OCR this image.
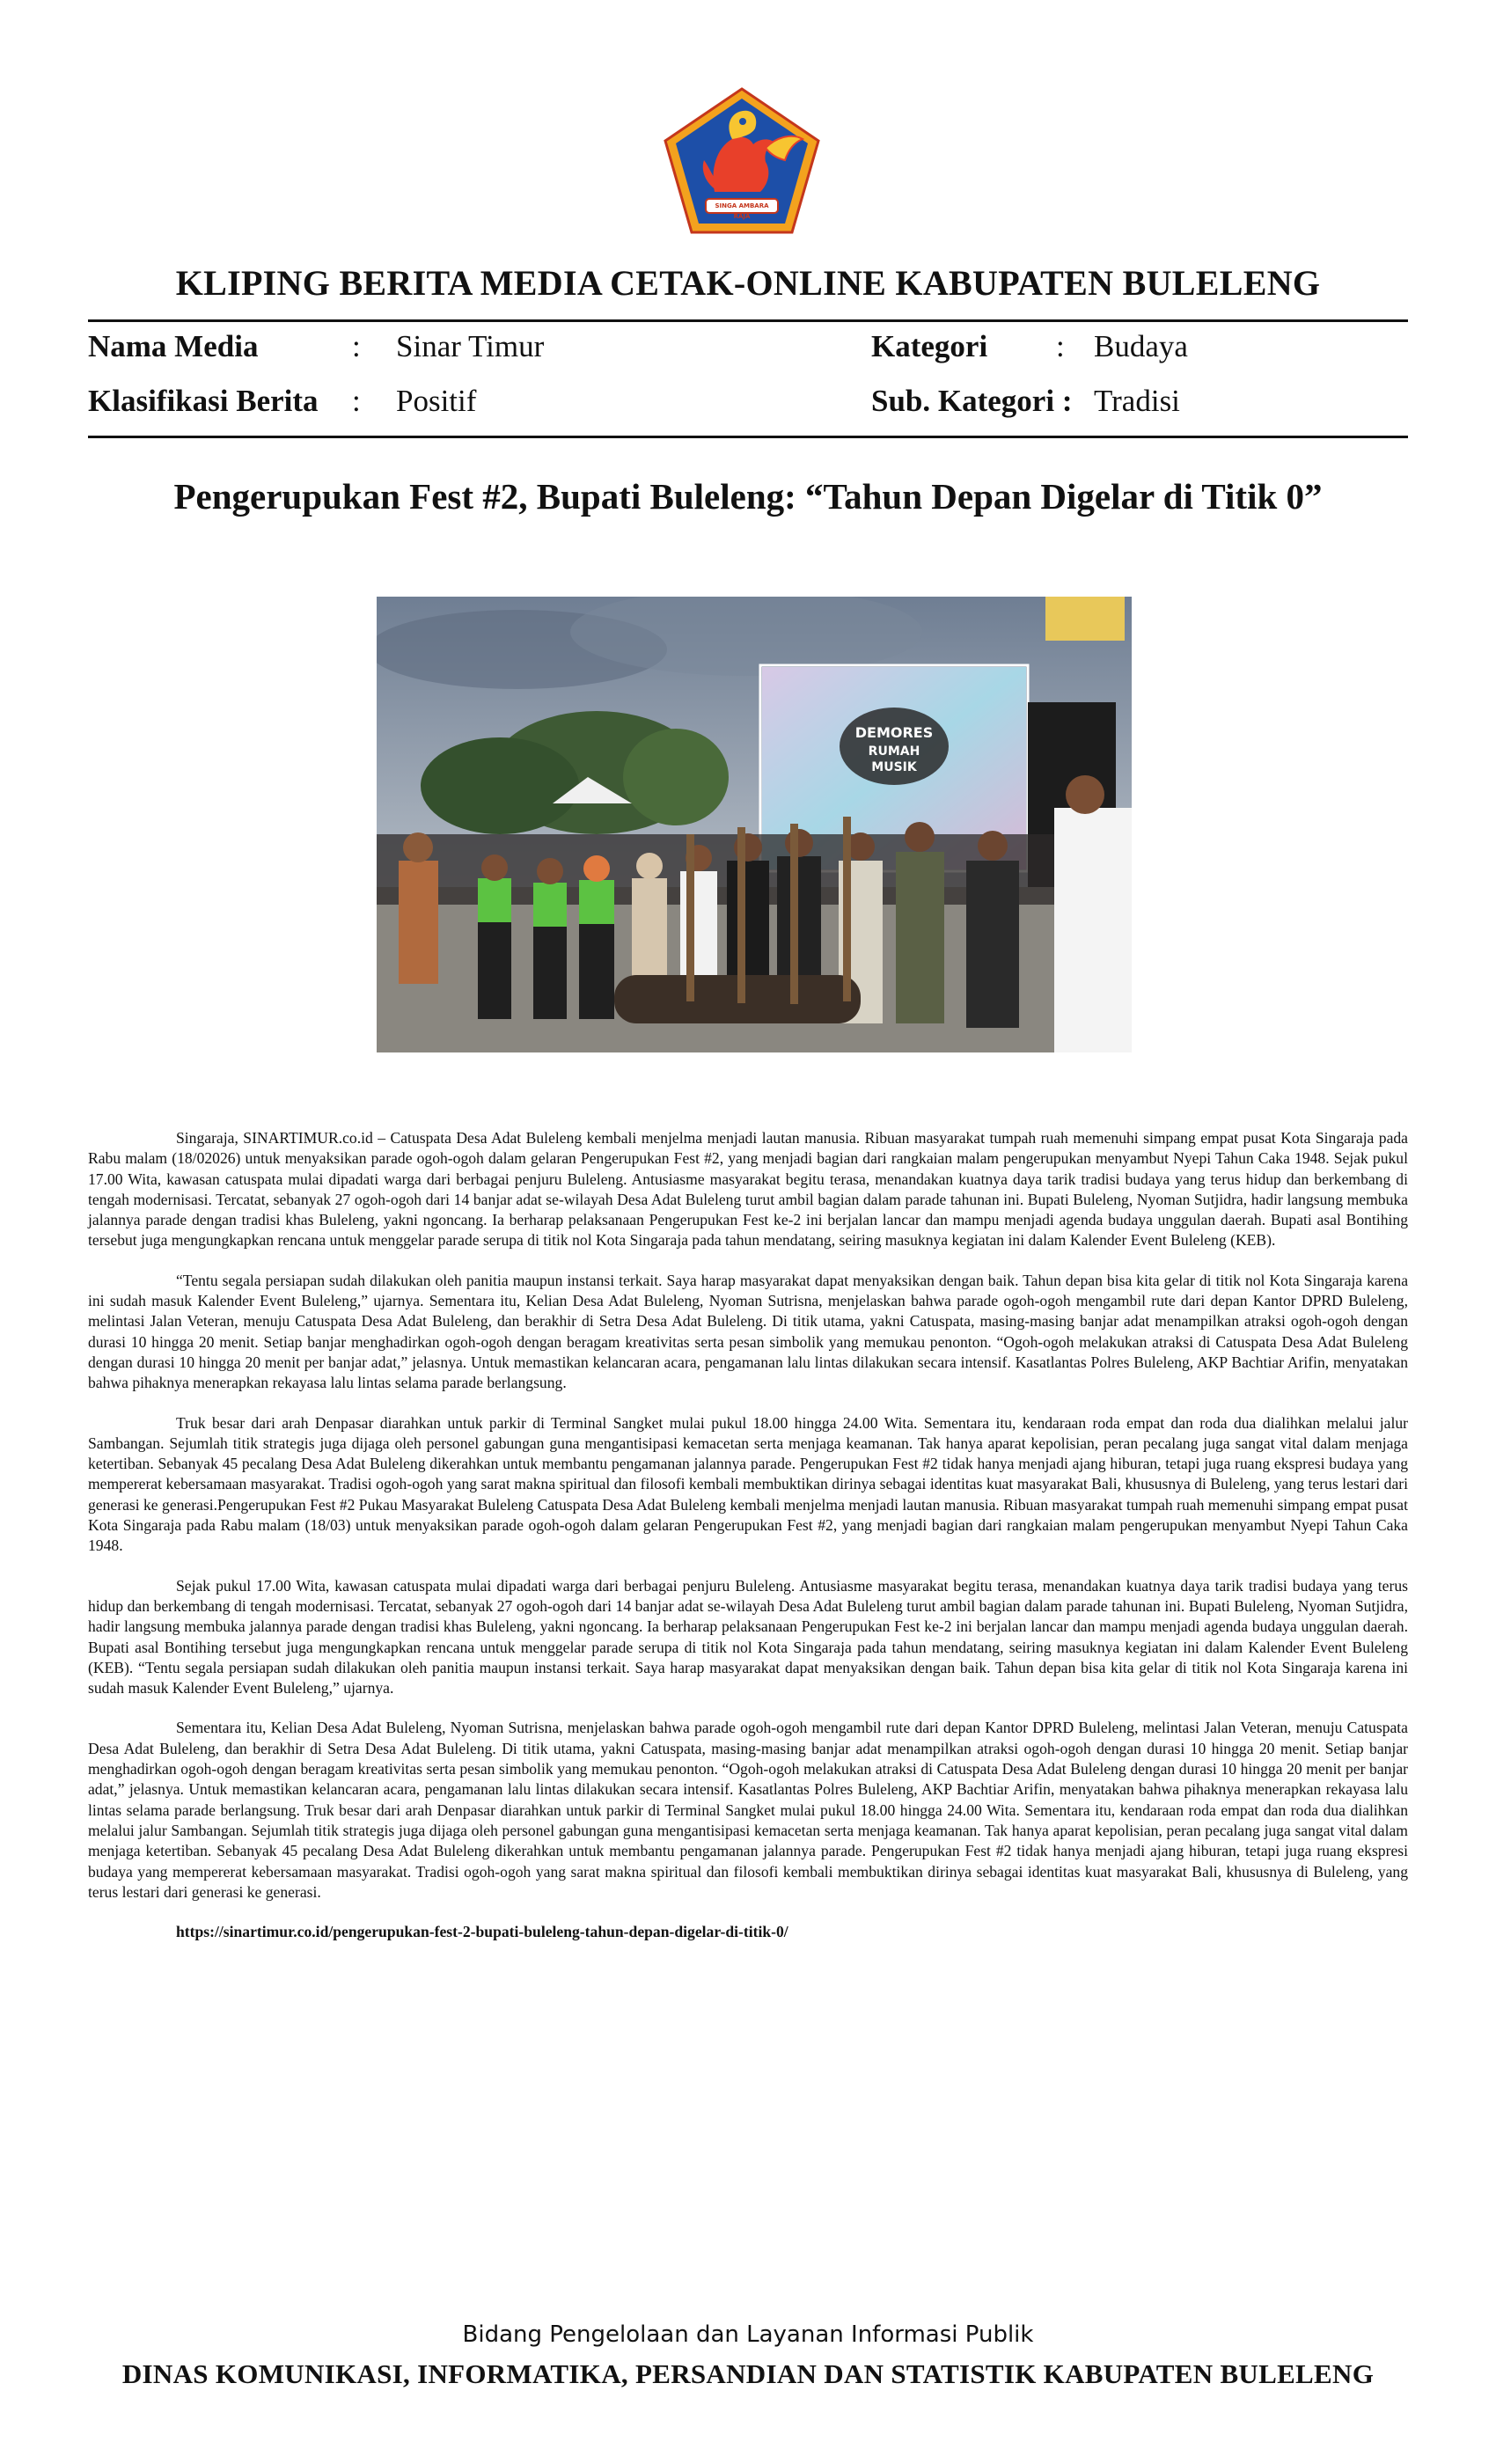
SINGA AMBARA RAJA
KLIPING BERITA MEDIA CETAK-ONLINE KABUPATEN BULELENG
Nama Media	: Sinar Timur	Kategori : Budaya
Klasifikasi Berita : Positif	Sub. Kategori : Tradisi
Pengerupukan Fest #2, Bupati Buleleng: “Tahun Depan Digelar di Titik 0”
DEMORES
RUMAH
MUSIK

Singaraja, SINARTIMUR.co.id – Catuspata Desa Adat Buleleng kembali menjelma menjadi lautan manusia. Ribuan masyarakat tumpah ruah memenuhi simpang empat pusat Kota Singaraja pada Rabu malam (18/02026) untuk menyaksikan parade ogoh-ogoh dalam gelaran Pengerupukan Fest #2, yang menjadi bagian dari rangkaian malam pengerupukan menyambut Nyepi Tahun Caka 1948. Sejak pukul 17.00 Wita, kawasan catuspata mulai dipadati warga dari berbagai penjuru Buleleng. Antusiasme masyarakat begitu terasa, menandakan kuatnya daya tarik tradisi budaya yang terus hidup dan berkembang di tengah modernisasi. Tercatat, sebanyak 27 ogoh-ogoh dari 14 banjar adat se-wilayah Desa Adat Buleleng turut ambil bagian dalam parade tahunan ini. Bupati Buleleng, Nyoman Sutjidra, hadir langsung membuka jalannya parade dengan tradisi khas Buleleng, yakni ngoncang. Ia berharap pelaksanaan Pengerupukan Fest ke-2 ini berjalan lancar dan mampu menjadi agenda budaya unggulan daerah. Bupati asal Bontihing tersebut juga mengungkapkan rencana untuk menggelar parade serupa di titik nol Kota Singaraja pada tahun mendatang, seiring masuknya kegiatan ini dalam Kalender Event Buleleng (KEB).

“Tentu segala persiapan sudah dilakukan oleh panitia maupun instansi terkait. Saya harap masyarakat dapat menyaksikan dengan baik. Tahun depan bisa kita gelar di titik nol Kota Singaraja karena ini sudah masuk Kalender Event Buleleng,” ujarnya. Sementara itu, Kelian Desa Adat Buleleng, Nyoman Sutrisna, menjelaskan bahwa parade ogoh-ogoh mengambil rute dari depan Kantor DPRD Buleleng, melintasi Jalan Veteran, menuju Catuspata Desa Adat Buleleng, dan berakhir di Setra Desa Adat Buleleng. Di titik utama, yakni Catuspata, masing-masing banjar adat menampilkan atraksi ogoh-ogoh dengan durasi 10 hingga 20 menit. Setiap banjar menghadirkan ogoh-ogoh dengan beragam kreativitas serta pesan simbolik yang memukau penonton. “Ogoh-ogoh melakukan atraksi di Catuspata Desa Adat Buleleng dengan durasi 10 hingga 20 menit per banjar adat,” jelasnya. Untuk memastikan kelancaran acara, pengamanan lalu lintas dilakukan secara intensif. Kasatlantas Polres Buleleng, AKP Bachtiar Arifin, menyatakan bahwa pihaknya menerapkan rekayasa lalu lintas selama parade berlangsung.

Truk besar dari arah Denpasar diarahkan untuk parkir di Terminal Sangket mulai pukul 18.00 hingga 24.00 Wita. Sementara itu, kendaraan roda empat dan roda dua dialihkan melalui jalur Sambangan. Sejumlah titik strategis juga dijaga oleh personel gabungan guna mengantisipasi kemacetan serta menjaga keamanan. Tak hanya aparat kepolisian, peran pecalang juga sangat vital dalam menjaga ketertiban. Sebanyak 45 pecalang Desa Adat Buleleng dikerahkan untuk membantu pengamanan jalannya parade. Pengerupukan Fest #2 tidak hanya menjadi ajang hiburan, tetapi juga ruang ekspresi budaya yang mempererat kebersamaan masyarakat. Tradisi ogoh-ogoh yang sarat makna spiritual dan filosofi kembali membuktikan dirinya sebagai identitas kuat masyarakat Bali, khususnya di Buleleng, yang terus lestari dari generasi ke generasi.Pengerupukan Fest #2 Pukau Masyarakat Buleleng Catuspata Desa Adat Buleleng kembali menjelma menjadi lautan manusia. Ribuan masyarakat tumpah ruah memenuhi simpang empat pusat Kota Singaraja pada Rabu malam (18/03) untuk menyaksikan parade ogoh-ogoh dalam gelaran Pengerupukan Fest #2, yang menjadi bagian dari rangkaian malam pengerupukan menyambut Nyepi Tahun Caka 1948.

Sejak pukul 17.00 Wita, kawasan catuspata mulai dipadati warga dari berbagai penjuru Buleleng. Antusiasme masyarakat begitu terasa, menandakan kuatnya daya tarik tradisi budaya yang terus hidup dan berkembang di tengah modernisasi. Tercatat, sebanyak 27 ogoh-ogoh dari 14 banjar adat se-wilayah Desa Adat Buleleng turut ambil bagian dalam parade tahunan ini. Bupati Buleleng, Nyoman Sutjidra, hadir langsung membuka jalannya parade dengan tradisi khas Buleleng, yakni ngoncang. Ia berharap pelaksanaan Pengerupukan Fest ke-2 ini berjalan lancar dan mampu menjadi agenda budaya unggulan daerah. Bupati asal Bontihing tersebut juga mengungkapkan rencana untuk menggelar parade serupa di titik nol Kota Singaraja pada tahun mendatang, seiring masuknya kegiatan ini dalam Kalender Event Buleleng (KEB). “Tentu segala persiapan sudah dilakukan oleh panitia maupun instansi terkait. Saya harap masyarakat dapat menyaksikan dengan baik. Tahun depan bisa kita gelar di titik nol Kota Singaraja karena ini sudah masuk Kalender Event Buleleng,” ujarnya.

Sementara itu, Kelian Desa Adat Buleleng, Nyoman Sutrisna, menjelaskan bahwa parade ogoh-ogoh mengambil rute dari depan Kantor DPRD Buleleng, melintasi Jalan Veteran, menuju Catuspata Desa Adat Buleleng, dan berakhir di Setra Desa Adat Buleleng. Di titik utama, yakni Catuspata, masing-masing banjar adat menampilkan atraksi ogoh-ogoh dengan durasi 10 hingga 20 menit. Setiap banjar menghadirkan ogoh-ogoh dengan beragam kreativitas serta pesan simbolik yang memukau penonton. “Ogoh-ogoh melakukan atraksi di Catuspata Desa Adat Buleleng dengan durasi 10 hingga 20 menit per banjar adat,” jelasnya. Untuk memastikan kelancaran acara, pengamanan lalu lintas dilakukan secara intensif. Kasatlantas Polres Buleleng, AKP Bachtiar Arifin, menyatakan bahwa pihaknya menerapkan rekayasa lalu lintas selama parade berlangsung. Truk besar dari arah Denpasar diarahkan untuk parkir di Terminal Sangket mulai pukul 18.00 hingga 24.00 Wita. Sementara itu, kendaraan roda empat dan roda dua dialihkan melalui jalur Sambangan. Sejumlah titik strategis juga dijaga oleh personel gabungan guna mengantisipasi kemacetan serta menjaga keamanan. Tak hanya aparat kepolisian, peran pecalang juga sangat vital dalam menjaga ketertiban. Sebanyak 45 pecalang Desa Adat Buleleng dikerahkan untuk membantu pengamanan jalannya parade. Pengerupukan Fest #2 tidak hanya menjadi ajang hiburan, tetapi juga ruang ekspresi budaya yang mempererat kebersamaan masyarakat. Tradisi ogoh-ogoh yang sarat makna spiritual dan filosofi kembali membuktikan dirinya sebagai identitas kuat masyarakat Bali, khususnya di Buleleng, yang terus lestari dari generasi ke generasi.

https://sinartimur.co.id/pengerupukan-fest-2-bupati-buleleng-tahun-depan-digelar-di-titik-0/

Bidang Pengelolaan dan Layanan Informasi Publik
DINAS KOMUNIKASI, INFORMATIKA, PERSANDIAN DAN STATISTIK KABUPATEN BULELENG
